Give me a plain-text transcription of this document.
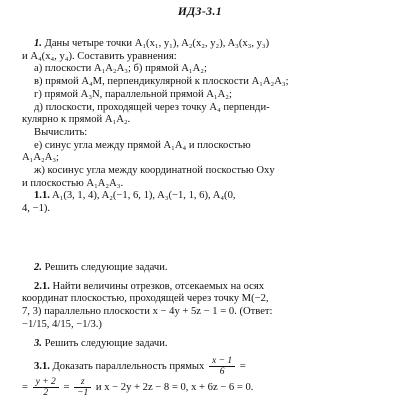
ИДЗ-3.1

1. Даны четыре точки A₁(x₁, y₁), A₂(x₂, y₂), A₃(x₃, y₃)

и A₄(x₄, y₄). Составить уравнения:

а) плоскости A₁A₂A₃; б) прямой A₁A₂;

в) прямой A₄M, перпендикулярной к плоскости A₁A₂A₃;

г) прямой A₃N, параллельной прямой A₁A₂;

д) плоскости, проходящей через точку A₄ перпенди-

кулярно к прямой A₁A₂.

Вычислить:

е) синус угла между прямой A₁A₄ и плоскостью

A₁A₂A₃;

ж) косинус угла между координатной поскостью Oxy

и плоскостью A₁A₂A₃.

1.1. A₁(3, 1, 4), A₂(−1, 6, 1), A₃(−1, 1, 6), A₄(0,

4, −1).

2. Решить следующие задачи.

2.1. Найти величины отрезков, отсекаемых на осях

координат плоскостью, проходящей через точку M(−2,

7, 3) параллельно плоскости x − 4y + 5z − 1 = 0. (Ответ:

−1/15, 4/15, −1/3.)

3. Решить следующие задачи.

3.1. Доказать параллельность прямых $\frac{x - 1}{6}$ =

= $\frac{y + 2}{2} = \frac{z}{-1}$ и x − 2y + 2z − 8 = 0, x + 6z − 6 = 0.
